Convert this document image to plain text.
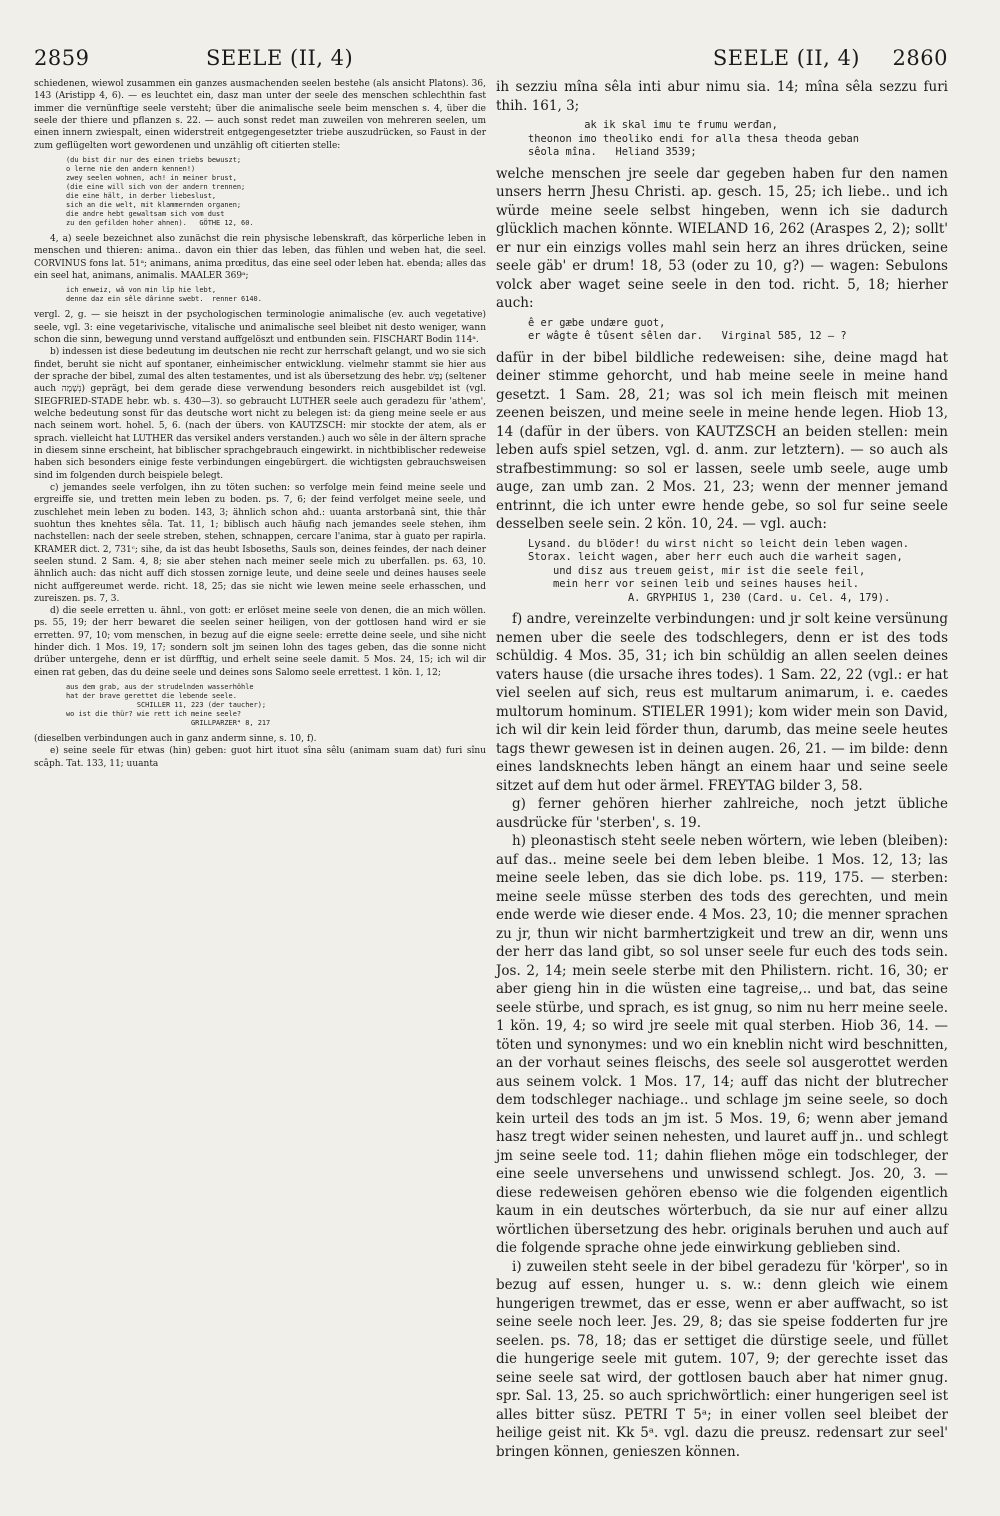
2859	SEELE (II, 4)	SEELE (II, 4) 2860

schiedenen, wiewol zusammen ein ganzes ausmachenden seelen bestehe (als ansicht Platons). 36, 143 (Aristipp 4, 6). — es leuchtet ein, dasz man unter der seele des menschen schlechthin fast immer die vernünftige seele versteht; über die animalische seele beim menschen s. 4, über die seele der thiere und pflanzen s. 22. — auch sonst redet man zuweilen von mehreren seelen, um einen innern zwiespalt, einen widerstreit entgegengesetzter triebe auszudrücken, so Faust in der zum geflügelten wort gewordenen und unzählig oft citierten stelle:

(du bist dir nur des einen triebs bewuszt;
o lerne nie den andern kennen!)
zwey seelen wohnen, ach! in meiner brust,
(die eine will sich von der andern trennen;
die eine hält, in derber liebeslust,
sich an die welt, mit klammernden organen;
die andre hebt gewaltsam sich vom dust
zu den gefilden hoher ahnen).   GÖTHE 12, 60.

4, a) seele bezeichnet also zunächst die rein physische lebenskraft, das körperliche leben in menschen und thieren: anima.. davon ein thier das leben, das fühlen und weben hat, die seel. CORVINUS fons lat. 51ᵃ; animans, anima prœditus, das eine seel oder leben hat. ebenda; alles das ein seel hat, animans, animalis. MAALER 369ᵃ;

ich enweiz, wâ von min lîp hie lebt,
denne daz ein sêle dârinne swebt.  renner 6140.

vergl. 2, g. — sie heiszt in der psychologischen terminologie animalische (ev. auch vegetative) seele, vgl. 3: eine vegetarivische, vitalische und animalische seel bleibet nit desto weniger, wann schon die sinn, bewegung unnd verstand auffgelöszt und entbunden sein. FISCHART Bodin 114ᵃ.

b) indessen ist diese bedeutung im deutschen nie recht zur herrschaft gelangt, und wo sie sich findet, beruht sie nicht auf spontaner, einheimischer entwicklung. vielmehr stammt sie hier aus der sprache der bibel, zumal des alten testamentes, und ist als übersetzung des hebr. נֶפֶשׁ (seltener auch נְשָׁמָה) geprägt, bei dem gerade diese verwendung besonders reich ausgebildet ist (vgl. SIEGFRIED-STADE hebr. wb. s. 430—3). so gebraucht LUTHER seele auch geradezu für 'athem', welche bedeutung sonst für das deutsche wort nicht zu belegen ist: da gieng meine seele er aus nach seinem wort. hohel. 5, 6. (nach der übers. von KAUTZSCH: mir stockte der atem, als er sprach. vielleicht hat LUTHER das versikel anders verstanden.) auch wo sêle in der ältern sprache in diesem sinne erscheint, hat biblischer sprachgebrauch eingewirkt. in nichtbiblischer redeweise haben sich besonders einige feste verbindungen eingebürgert. die wichtigsten gebrauchsweisen sind im folgenden durch beispiele belegt.

c) jemandes seele verfolgen, ihn zu töten suchen: so verfolge mein feind meine seele und ergreiffe sie, und tretten mein leben zu boden. ps. 7, 6; der feind verfolget meine seele, und zuschlehet mein leben zu boden. 143, 3; ähnlich schon ahd.: uuanta arstorbanâ sint, thie thâr suohtun thes knehtes sêla. Tat. 11, 1; biblisch auch häufig nach jemandes seele stehen, ihm nachstellen: nach der seele streben, stehen, schnappen, cercare l'anima, star à guato per rapirla. KRAMER dict. 2, 731ᶜ; sihe, da ist das heubt Isboseths, Sauls son, deines feindes, der nach deiner seelen stund. 2 Sam. 4, 8; sie aber stehen nach meiner seele mich zu uberfallen. ps. 63, 10. ähnlich auch: das nicht auff dich stossen zornige leute, und deine seele und deines hauses seele nicht auffgereumet werde. richt. 18, 25; das sie nicht wie lewen meine seele erhasschen, und zureiszen. ps. 7, 3.

d) die seele erretten u. ähnl., von gott: er erlöset meine seele von denen, die an mich wöllen. ps. 55, 19; der herr bewaret die seelen seiner heiligen, von der gottlosen hand wird er sie erretten. 97, 10; vom menschen, in bezug auf die eigne seele: errette deine seele, und sihe nicht hinder dich. 1 Mos. 19, 17; sondern solt jm seinen lohn des tages geben, das die sonne nicht drüber untergehe, denn er ist dürfftig, und erhelt seine seele damit. 5 Mos. 24, 15; ich wil dir einen rat geben, das du deine seele und deines sons Salomo seele errettest. 1 kön. 1, 12;

aus dem grab, aus der strudelnden wasserhöhle
hat der brave gerettet die lebende seele.
SCHILLER 11, 223 (der taucher);
wo ist die thür? wie rett ich meine seele?
GRILLPARZER⁴ 8, 217

(dieselben verbindungen auch in ganz anderm sinne, s. 10, f).

e) seine seele für etwas (hin) geben: guot hirt ituot sîna sêlu (animam suam dat) furi sînu scâph. Tat. 133, 11; uuanta

ih sezziu mîna sêla inti abur nimu sia. 14; mîna sêla sezzu furi thih. 161, 3;

ak ik skal imu te frumu werđan,
theonon imo theoliko endi for alla thesa theoda geban
sêola mîna.   Heliand 3539;

welche menschen jre seele dar gegeben haben fur den namen unsers herrn Jhesu Christi. ap. gesch. 15, 25; ich liebe.. und ich würde meine seele selbst hingeben, wenn ich sie dadurch glücklich machen könnte. WIELAND 16, 262 (Araspes 2, 2); sollt' er nur ein einzigs volles mahl sein herz an ihres drücken, seine seele gäb' er drum! 18, 53 (oder zu 10, g?) — wagen: Sebulons volck aber waget seine seele in den tod. richt. 5, 18; hierher auch:

ê er gæbe undære guot,
er wâgte ê tûsent sêlen dar.   Virginal 585, 12 — ?

dafür in der bibel bildliche redeweisen: sihe, deine magd hat deiner stimme gehorcht, und hab meine seele in meine hand gesetzt. 1 Sam. 28, 21; was sol ich mein fleisch mit meinen zeenen beiszen, und meine seele in meine hende legen. Hiob 13, 14 (dafür in der übers. von KAUTZSCH an beiden stellen: mein leben aufs spiel setzen, vgl. d. anm. zur letztern). — so auch als strafbestimmung: so sol er lassen, seele umb seele, auge umb auge, zan umb zan. 2 Mos. 21, 23; wenn der menner jemand entrinnt, die ich unter ewre hende gebe, so sol fur seine seele desselben seele sein. 2 kön. 10, 24. — vgl. auch:

Lysand. du blöder! du wirst nicht so leicht dein leben wagen.
Storax. leicht wagen, aber herr euch auch die warheit sagen,
und disz aus treuem geist, mir ist die seele feil,
mein herr vor seinen leib und seines hauses heil.
A. GRYPHIUS 1, 230 (Card. u. Cel. 4, 179).

f) andre, vereinzelte verbindungen: und jr solt keine versünung nemen uber die seele des todschlegers, denn er ist des tods schüldig. 4 Mos. 35, 31; ich bin schüldig an allen seelen deines vaters hause (die ursache ihres todes). 1 Sam. 22, 22 (vgl.: er hat viel seelen auf sich, reus est multarum animarum, i. e. caedes multorum hominum. STIELER 1991); kom wider mein son David, ich wil dir kein leid förder thun, darumb, das meine seele heutes tags thewr gewesen ist in deinen augen. 26, 21. — im bilde: denn eines landsknechts leben hängt an einem haar und seine seele sitzet auf dem hut oder ärmel. FREYTAG bilder 3, 58.

g) ferner gehören hierher zahlreiche, noch jetzt übliche ausdrücke für 'sterben', s. 19.

h) pleonastisch steht seele neben wörtern, wie leben (bleiben): auf das.. meine seele bei dem leben bleibe. 1 Mos. 12, 13; las meine seele leben, das sie dich lobe. ps. 119, 175. — sterben: meine seele müsse sterben des tods des gerechten, und mein ende werde wie dieser ende. 4 Mos. 23, 10; die menner sprachen zu jr, thun wir nicht barmhertzigkeit und trew an dir, wenn uns der herr das land gibt, so sol unser seele fur euch des tods sein. Jos. 2, 14; mein seele sterbe mit den Philistern. richt. 16, 30; er aber gieng hin in die wüsten eine tagreise,.. und bat, das seine seele stürbe, und sprach, es ist gnug, so nim nu herr meine seele. 1 kön. 19, 4; so wird jre seele mit qual sterben. Hiob 36, 14. — töten und synonymes: und wo ein kneblin nicht wird beschnitten, an der vorhaut seines fleischs, des seele sol ausgerottet werden aus seinem volck. 1 Mos. 17, 14; auff das nicht der blutrecher dem todschleger nachiage.. und schlage jm seine seele, so doch kein urteil des tods an jm ist. 5 Mos. 19, 6; wenn aber jemand hasz tregt wider seinen nehesten, und lauret auff jn.. und schlegt jm seine seele tod. 11; dahin fliehen möge ein todschleger, der eine seele unversehens und unwissend schlegt. Jos. 20, 3. — diese redeweisen gehören ebenso wie die folgenden eigentlich kaum in ein deutsches wörterbuch, da sie nur auf einer allzu wörtlichen übersetzung des hebr. originals beruhen und auch auf die folgende sprache ohne jede einwirkung geblieben sind.

i) zuweilen steht seele in der bibel geradezu für 'körper', so in bezug auf essen, hunger u. s. w.: denn gleich wie einem hungerigen trewmet, das er esse, wenn er aber auffwacht, so ist seine seele noch leer. Jes. 29, 8; das sie speise fodderten fur jre seelen. ps. 78, 18; das er settiget die dürstige seele, und füllet die hungerige seele mit gutem. 107, 9; der gerechte isset das seine seele sat wird, der gottlosen bauch aber hat nimer gnug. spr. Sal. 13, 25. so auch sprichwörtlich: einer hungerigen seel ist alles bitter süsz. PETRI T 5ᵃ; in einer vollen seel bleibet der heilige geist nit. Kk 5ᵃ. vgl. dazu die preusz. redensart zur seel' bringen können, genieszen können.
